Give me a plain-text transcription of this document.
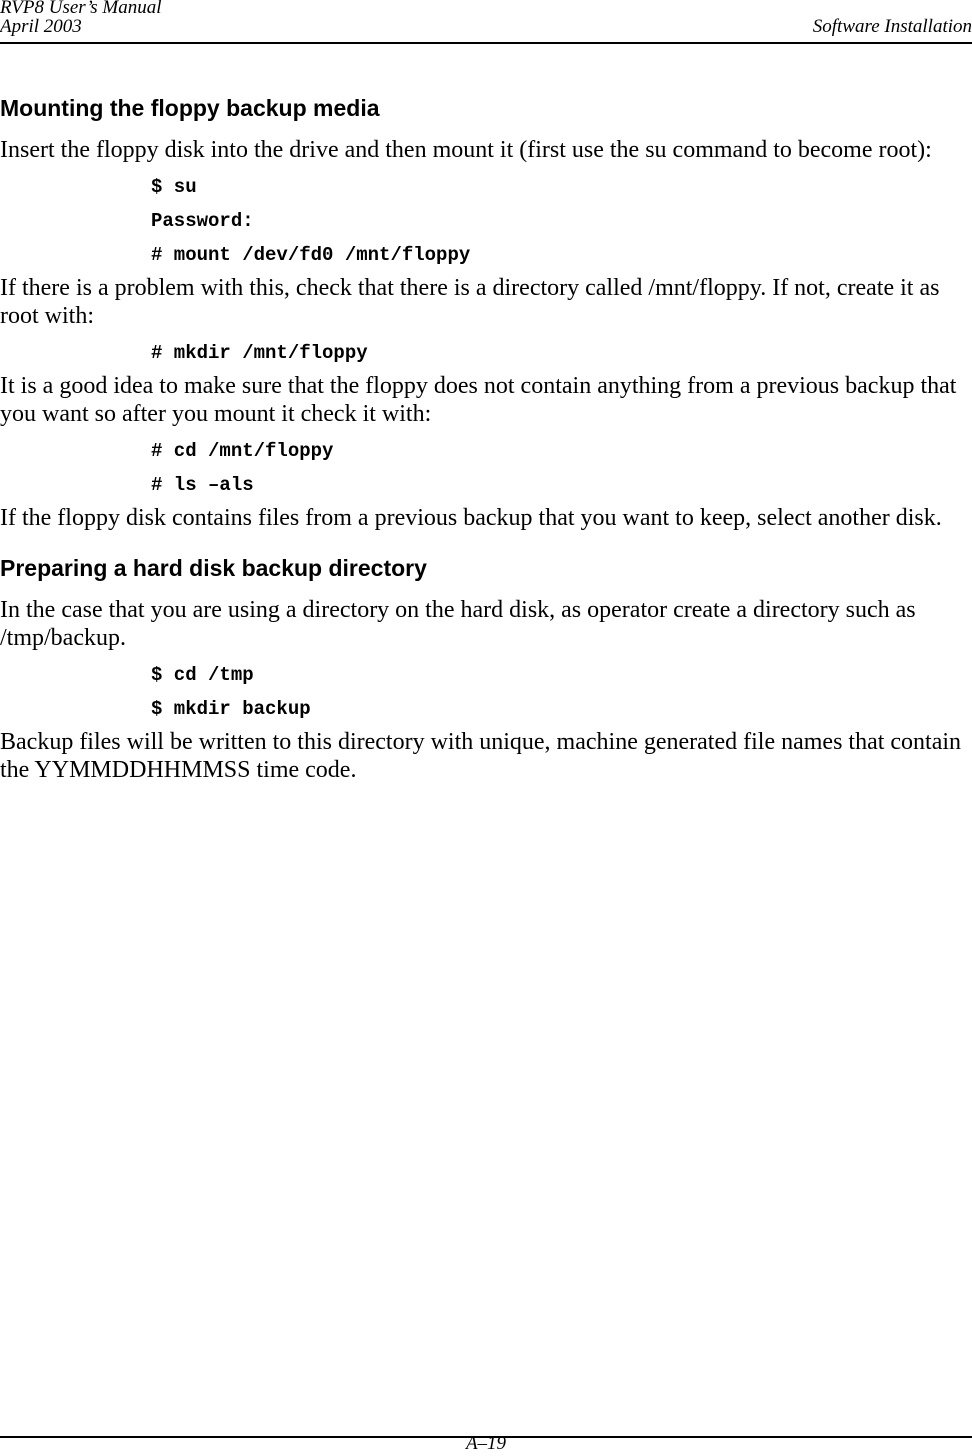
RVP8 User’s Manual
April 2003	Software Installation
Mounting the floppy backup media

Insert the floppy disk into the drive and then mount it (first use the su command to become root):

$ su
Password:
# mount /dev/fd0 /mnt/floppy

If there is a problem with this, check that there is a directory called /mnt/floppy. If not, create it as root with:

# mkdir /mnt/floppy

It is a good idea to make sure that the floppy does not contain anything from a previous backup that you want so after you mount it check it with:

# cd /mnt/floppy
# ls –als

If the floppy disk contains files from a previous backup that you want to keep, select another disk.

Preparing a hard disk backup directory

In the case that you are using a directory on the hard disk, as operator create a directory such as /tmp/backup.

$ cd /tmp
$ mkdir backup

Backup files will be written to this directory with unique, machine generated file names that contain the YYMMDDHHMMSS time code.

A–19
